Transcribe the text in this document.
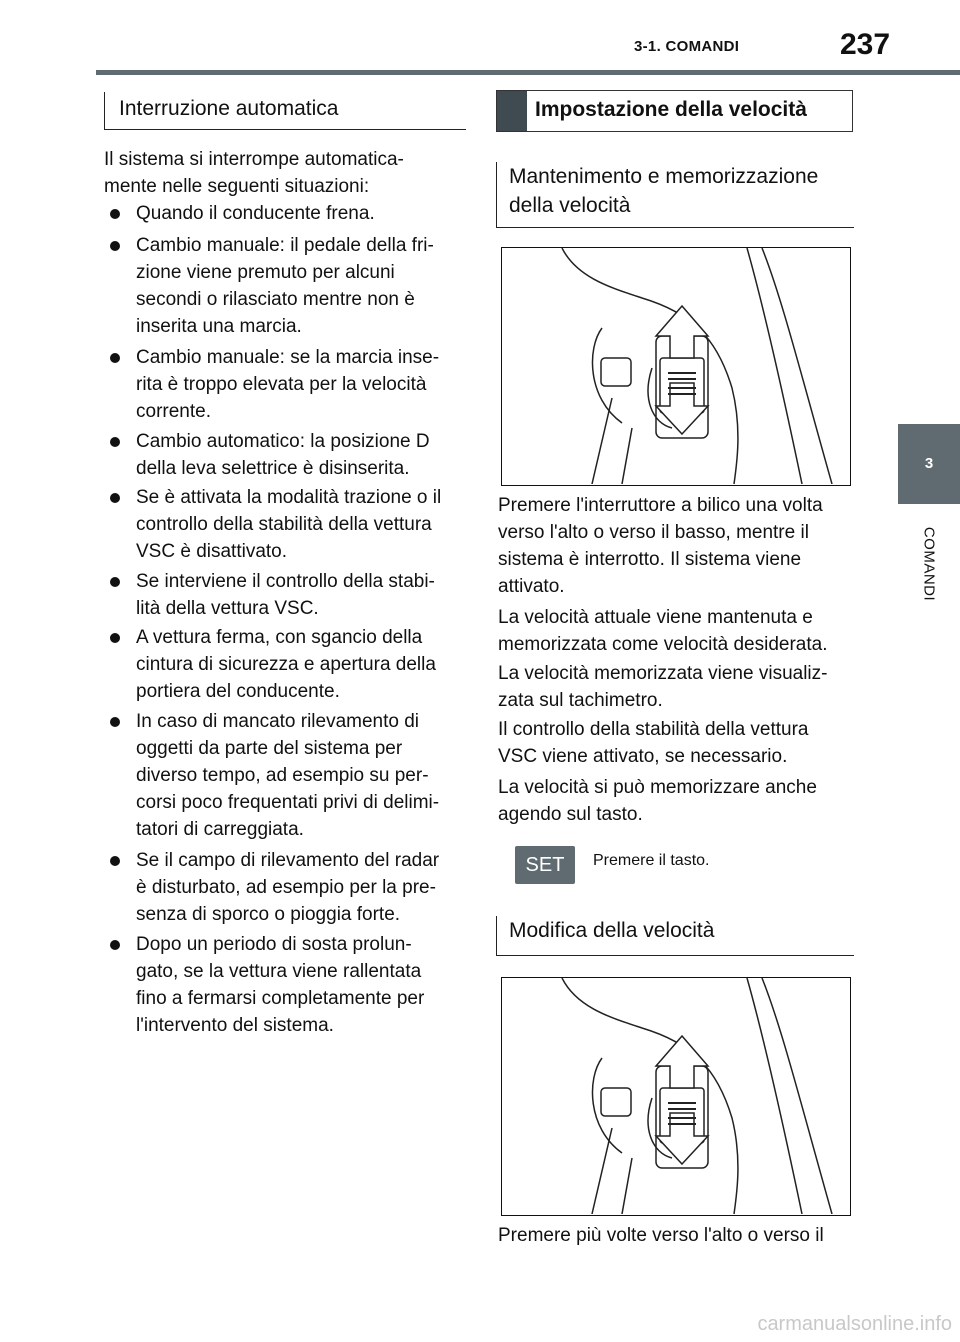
3-1. COMANDI	237
3
COMANDI
Interruzione automatica
Il sistema si interrompe automatica-
mente nelle seguenti situazioni:
Quando il conducente frena.
Cambio manuale: il pedale della fri-
zione viene premuto per alcuni
secondi o rilasciato mentre non è
inserita una marcia.
Cambio manuale: se la marcia inse-
rita è troppo elevata per la velocità
corrente.
Cambio automatico: la posizione D
della leva selettrice è disinserita.
Se è attivata la modalità trazione o il
controllo della stabilità della vettura
VSC è disattivato.
Se interviene il controllo della stabi-
lità della vettura VSC.
A vettura ferma, con sgancio della
cintura di sicurezza e apertura della
portiera del conducente.
In caso di mancato rilevamento di
oggetti da parte del sistema per
diverso tempo, ad esempio su per-
corsi poco frequentati privi di delimi-
tatori di carreggiata.
Se il campo di rilevamento del radar
è disturbato, ad esempio per la pre-
senza di sporco o pioggia forte.
Dopo un periodo di sosta prolun-
gato, se la vettura viene rallentata
fino a fermarsi completamente per
l'intervento del sistema.
Impostazione della velocità
Mantenimento e memorizzazione
della velocità
Premere l'interruttore a bilico una volta
verso l'alto o verso il basso, mentre il
sistema è interrotto. Il sistema viene
attivato.
La velocità attuale viene mantenuta e
memorizzata come velocità desiderata.
La velocità memorizzata viene visualiz-
zata sul tachimetro.
Il controllo della stabilità della vettura
VSC viene attivato, se necessario.
La velocità si può memorizzare anche
agendo sul tasto.
SET	Premere il tasto.
Modifica della velocità
Premere più volte verso l'alto o verso il
carmanualsonline.info
